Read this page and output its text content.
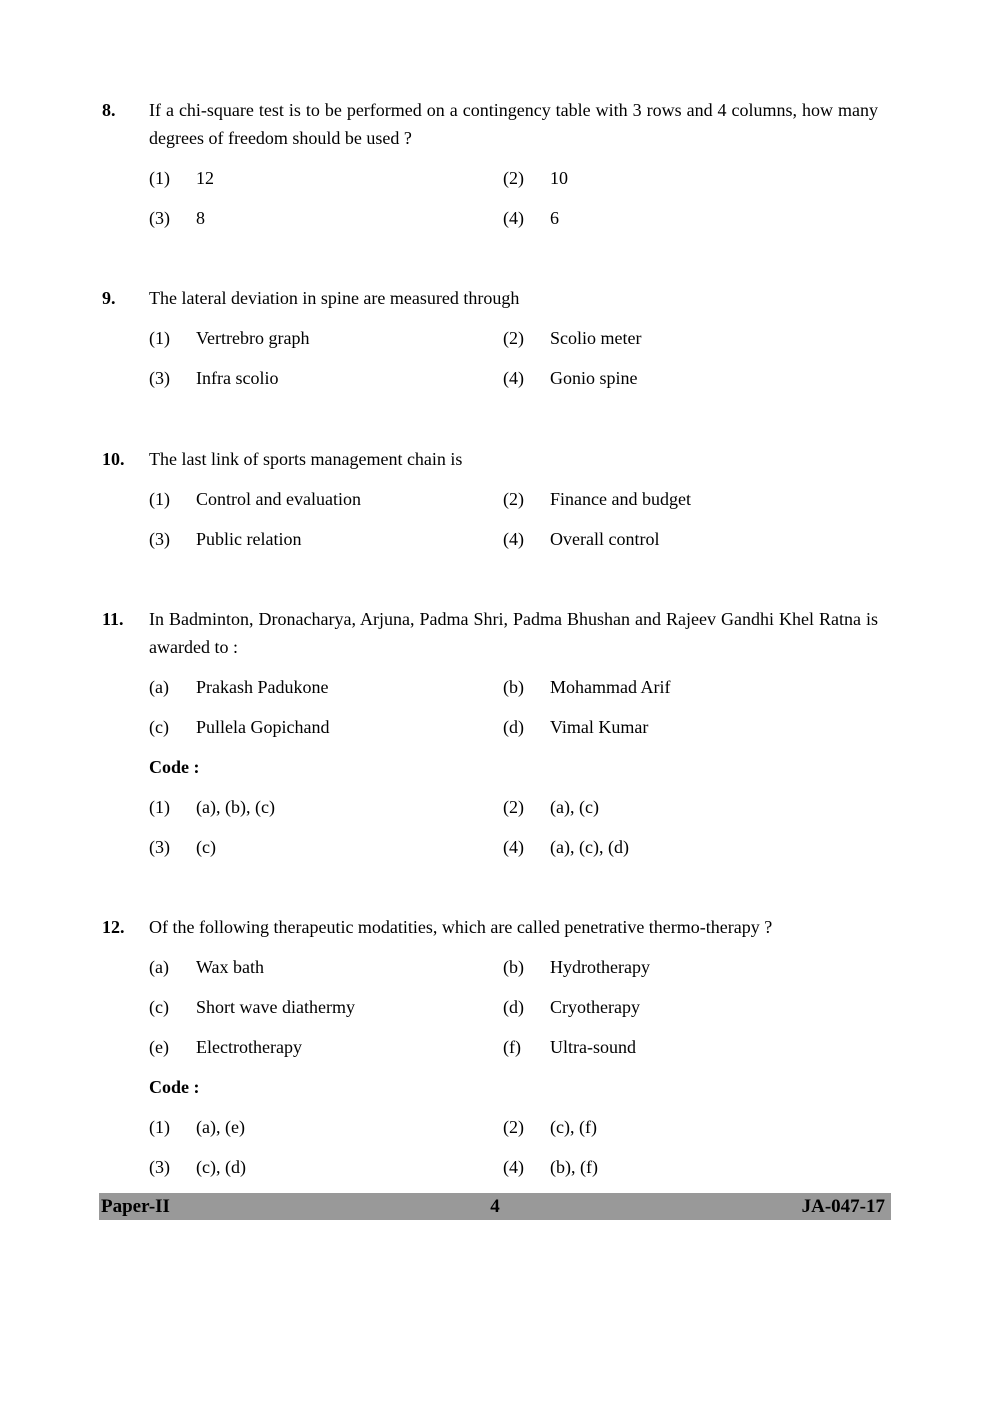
8.	If a chi-square test is to be performed on a contingency table with 3 rows and 4 columns, how many degrees of freedom should be used ?
(1)	12	(2)	10
(3)	8	(4)	6
9.	The lateral deviation in spine are measured through
(1)	Vertrebro graph	(2)	Scolio meter
(3)	Infra scolio	(4)	Gonio spine
10.	The last link of sports management chain is
(1)	Control and evaluation	(2)	Finance and budget
(3)	Public relation	(4)	Overall control
11.	In Badminton, Dronacharya, Arjuna, Padma Shri, Padma Bhushan and Rajeev Gandhi Khel Ratna is awarded to :
(a)	Prakash Padukone	(b)	Mohammad Arif
(c)	Pullela Gopichand	(d)	Vimal Kumar
Code :
(1)	(a), (b), (c)	(2)	(a), (c)
(3)	(c)	(4)	(a), (c), (d)
12.	Of the following therapeutic modatities, which are called penetrative thermo-therapy ?
(a)	Wax bath	(b)	Hydrotherapy
(c)	Short wave diathermy	(d)	Cryotherapy
(e)	Electrotherapy	(f)	Ultra-sound
Code :
(1)	(a), (e)	(2)	(c), (f)
(3)	(c), (d)	(4)	(b), (f)
Paper-II	4	JA-047-17
